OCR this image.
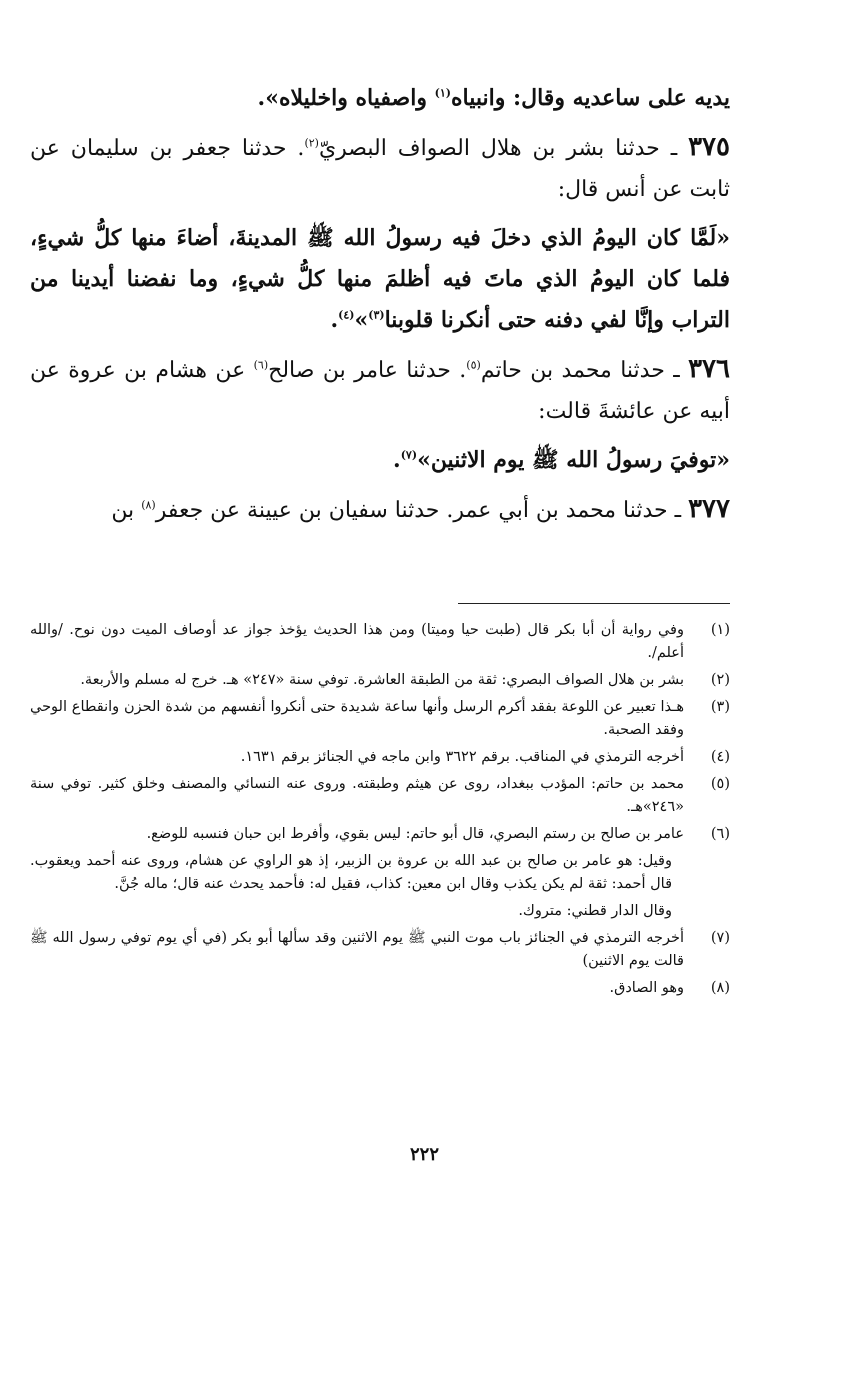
يديه على ساعديه وقال: وانبياه$^{(١)}$ واصفياه واخليلاه».

٣٧٥ ـ حدثنا بشر بن هلال الصواف البصريّ$^{(٢)}$. حدثنا جعفر بن سليمان عن ثابت عن أنس قال:

«لَمَّا كان اليومُ الذي دخلَ فيه رسولُ الله ﷺ المدينةَ، أضاءَ منها كلُّ شيءٍ، فلما كان اليومُ الذي ماتَ فيه أظلمَ منها كلُّ شيءٍ، وما نفضنا أيدينا من التراب وإنَّا لفي دفنه حتى أنكرنا قلوبنا$^{(٣)}$»$^{(٤)}$.

٣٧٦ ـ حدثنا محمد بن حاتم$^{(٥)}$. حدثنا عامر بن صالح$^{(٦)}$ عن هشام بن عروة عن أبيه عن عائشةَ قالت:

«توفيَ رسولُ الله ﷺ يوم الاثنين»$^{(٧)}$.

٣٧٧ ـ حدثنا محمد بن أبي عمر. حدثنا سفيان بن عيينة عن جعفر$^{(٨)}$ بن

(١)
وفي رواية أن أبا بكر قال (طبت حيا وميتا) ومن هذا الحديث يؤخذ جواز عد أوصاف الميت دون نوح. /والله أعلم/.
(٢)
بشر بن هلال الصواف البصري: ثقة من الطبقة العاشرة. توفي سنة «٢٤٧» هـ. خرج له مسلم والأربعة.
(٣)
هـذا تعبير عن اللوعة بفقد أكرم الرسل وأنها ساعة شديدة حتى أنكروا أنفسهم من شدة الحزن وانقطاع الوحي وفقد الصحبة.
(٤)
أخرجه الترمذي في المناقب. برقم ٣٦٢٢ وابن ماجه في الجنائز برقم ١٦٣١.
(٥)
محمد بن حاتم: المؤدب ببغداد، روى عن هيثم وطبقته. وروى عنه النسائي والمصنف وخلق كثير. توفي سنة «٢٤٦»هـ.
(٦)
عامر بن صالح بن رستم البصري، قال أبو حاتم: ليس بقوي، وأفرط ابن حبان فنسبه للوضع.
وقيل: هو عامر بن صالح بن عبد الله بن عروة بن الزبير، إذ هو الراوي عن هشام، وروى عنه أحمد ويعقوب. قال أحمد: ثقة لم يكن يكذب وقال ابن معين: كذاب، فقيل له: فأحمد يحدث عنه قال؛ ماله جُنَّ.
وقال الدار قطني: متروك.
(٧)
أخرجه الترمذي في الجنائز باب موت النبي ﷺ يوم الاثنين وقد سألها أبو بكر (في أي يوم توفي رسول الله ﷺ قالت يوم الاثنين)
(٨)
وهو الصادق.
٢٢٢
